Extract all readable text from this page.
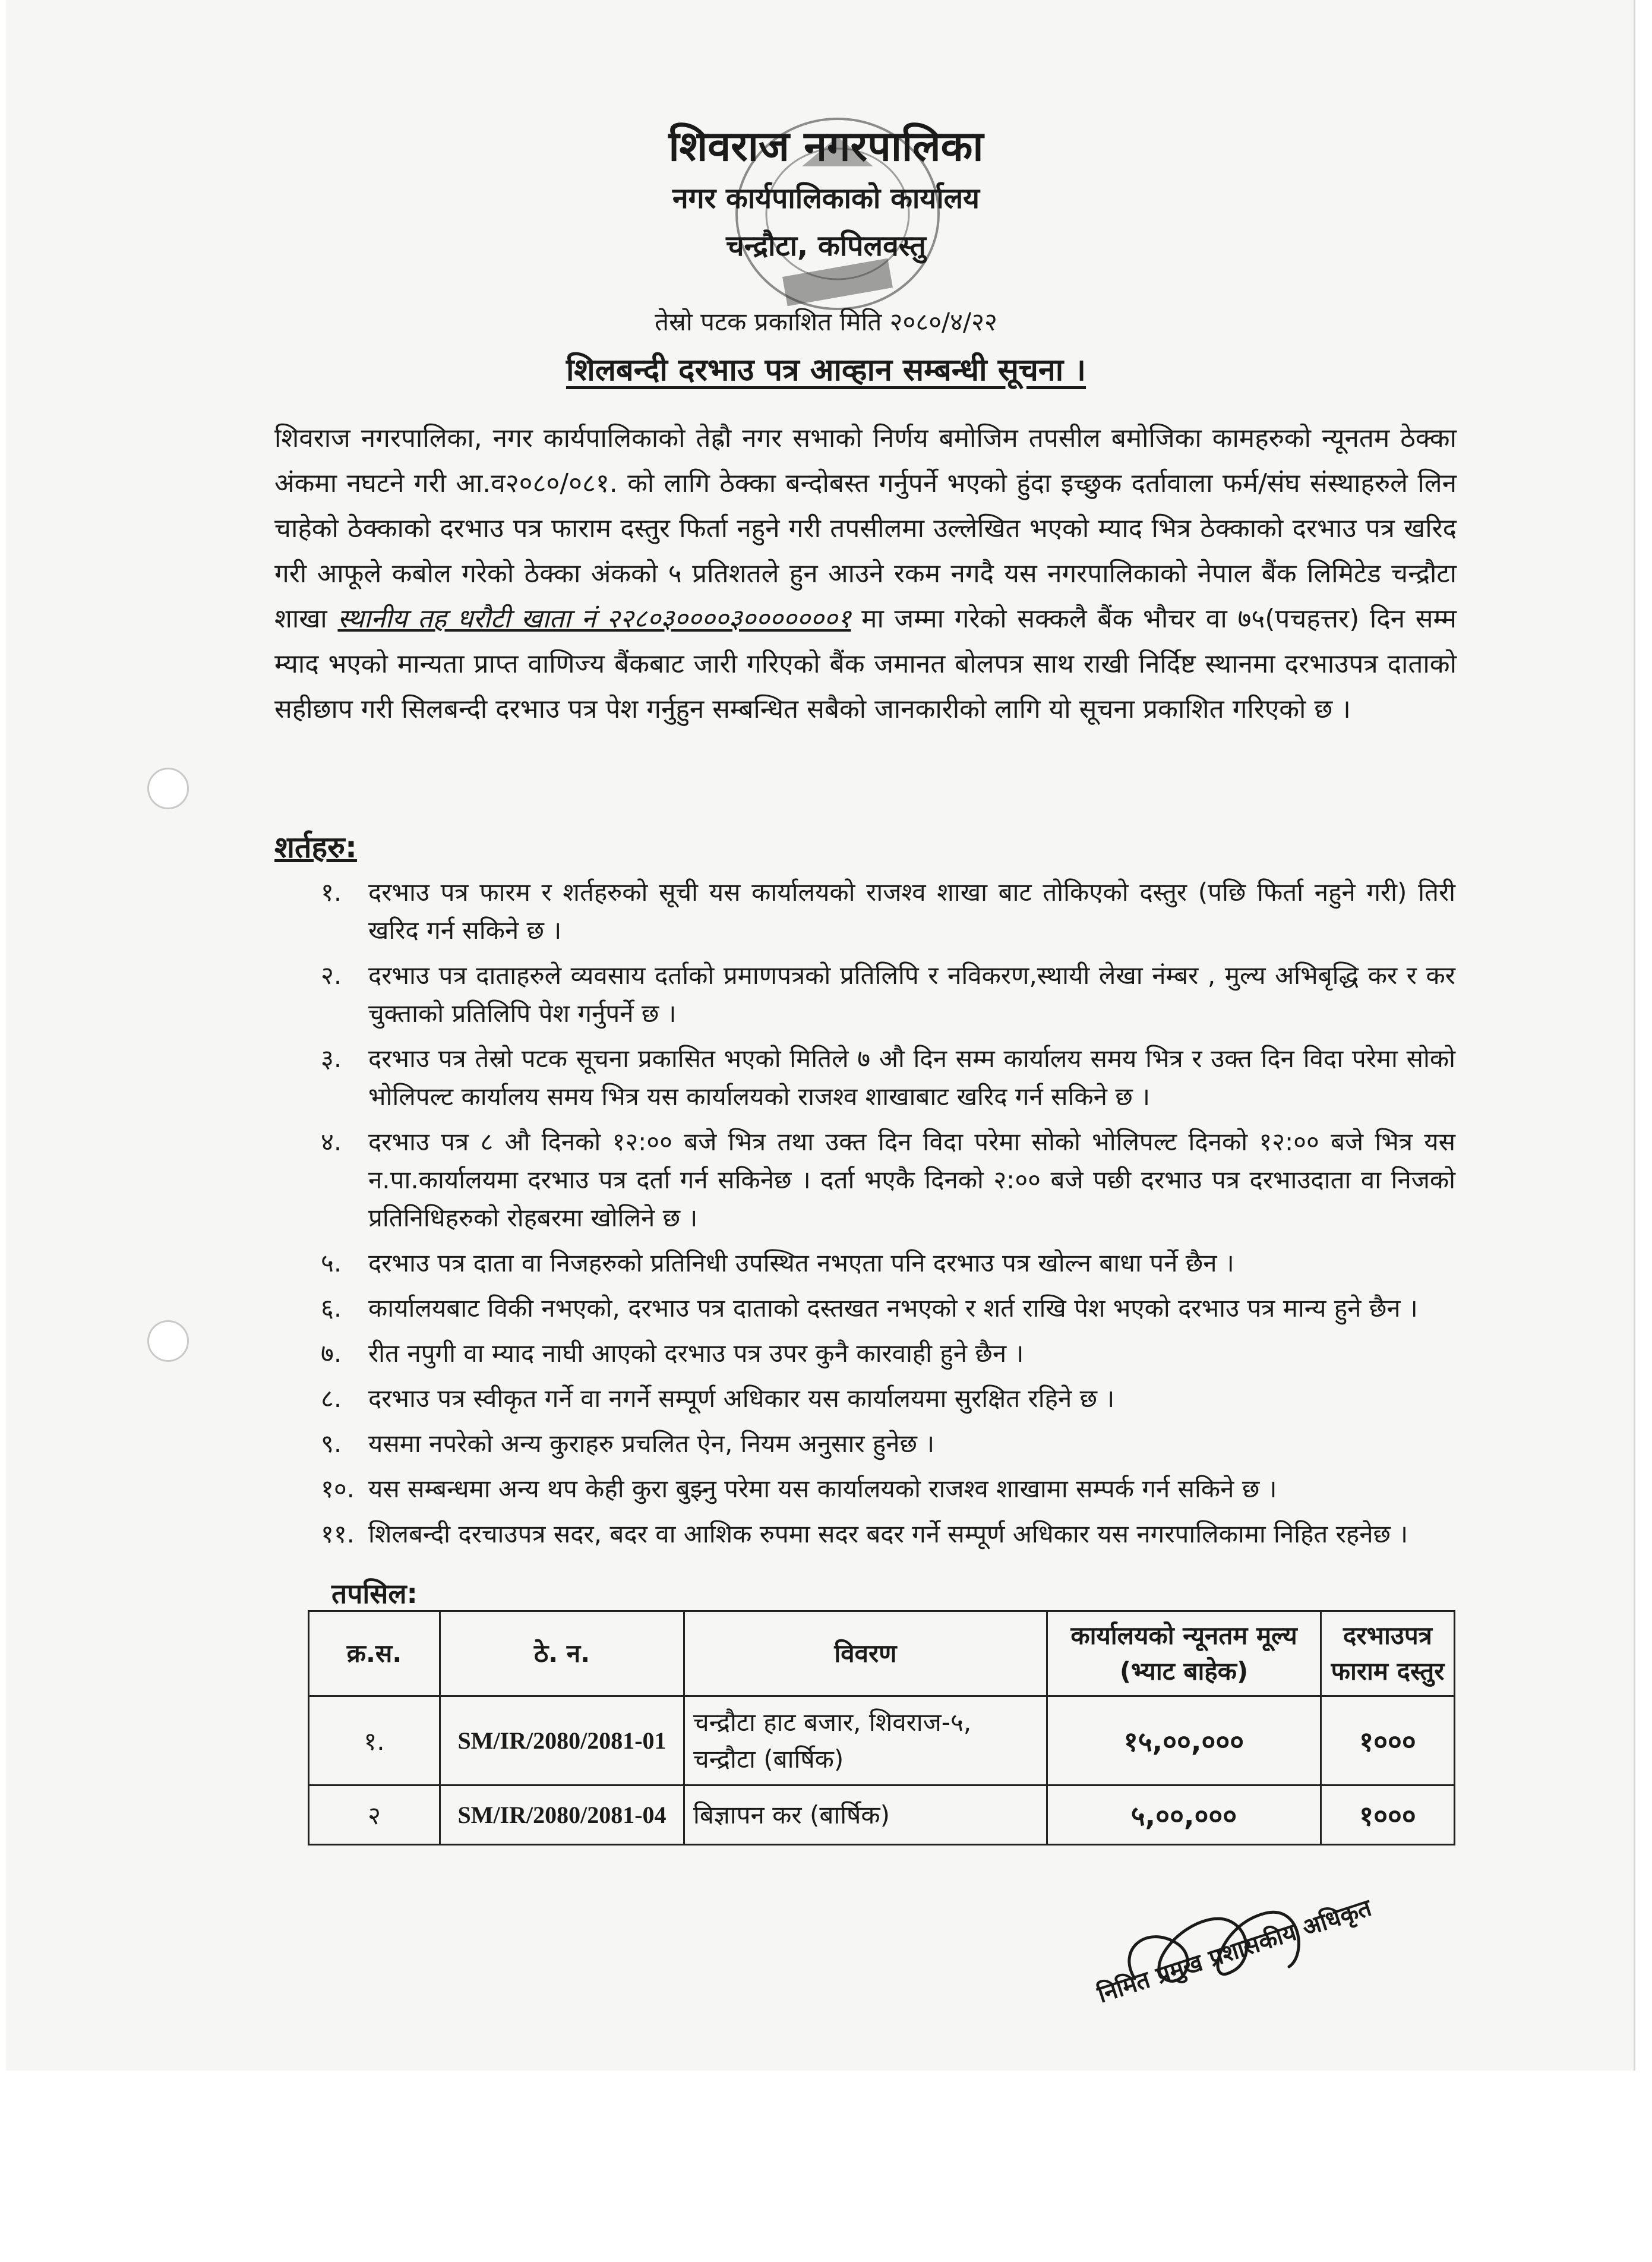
शिवराज नगरपालिका
नगर कार्यपालिकाको कार्यालय
चन्द्रौटा, कपिलवस्तु
तेस्रो पटक प्रकाशित मिति २०८०/४/२२
शिलबन्दी दरभाउ पत्र आव्हान सम्बन्धी सूचना ।
शिवराज नगरपालिका, नगर कार्यपालिकाको तेह्रौ नगर सभाको निर्णय बमोजिम तपसील बमोजिका कामहरुको न्यूनतम ठेक्का अंकमा नघटने गरी आ.व२०८०/०८१. को लागि ठेक्का बन्दोबस्त गर्नुपर्ने भएको हुंदा इच्छुक दर्तावाला फर्म/संघ संस्थाहरुले लिन चाहेको ठेक्काको दरभाउ पत्र फाराम दस्तुर फिर्ता नहुने गरी तपसीलमा उल्लेखित भएको म्याद भित्र ठेक्काको दरभाउ पत्र खरिद गरी आफूले कबोल गरेको ठेक्का अंकको ५ प्रतिशतले हुन आउने रकम नगदै यस नगरपालिकाको नेपाल बैंक लिमिटेड चन्द्रौटा शाखा स्थानीय तह धरौटी खाता नं २२८०३००००३०००००००१ मा जम्मा गरेको सक्कलै बैंक भौचर वा ७५(पचहत्तर) दिन सम्म म्याद भएको मान्यता प्राप्त वाणिज्य बैंकबाट जारी गरिएको बैंक जमानत बोलपत्र साथ राखी निर्दिष्ट स्थानमा दरभाउपत्र दाताको सहीछाप गरी सिलबन्दी दरभाउ पत्र पेश गर्नुहुन सम्बन्धित सबैको जानकारीको लागि यो सूचना प्रकाशित गरिएको छ ।
शर्तहरु:
१.	दरभाउ पत्र फारम र शर्तहरुको सूची यस कार्यालयको राजश्व शाखा बाट तोकिएको दस्तुर (पछि फिर्ता नहुने गरी) तिरी खरिद गर्न सकिने छ ।
२.	दरभाउ पत्र दाताहरुले व्यवसाय दर्ताको प्रमाणपत्रको प्रतिलिपि र नविकरण,स्थायी लेखा नंम्बर , मुल्य अभिबृद्धि कर र कर चुक्ताको प्रतिलिपि पेश गर्नुपर्ने छ ।
३.	दरभाउ पत्र तेस्रो पटक सूचना प्रकासित भएको मितिले ७ औ दिन सम्म कार्यालय समय भित्र र उक्त दिन विदा परेमा सोको भोलिपल्ट कार्यालय समय भित्र यस कार्यालयको राजश्व शाखाबाट खरिद गर्न सकिने छ ।
४.	दरभाउ पत्र ८ औ दिनको १२:०० बजे भित्र तथा उक्त दिन विदा परेमा सोको भोलिपल्ट दिनको १२:०० बजे भित्र यस न.पा.कार्यालयमा दरभाउ पत्र दर्ता गर्न सकिनेछ । दर्ता भएकै दिनको २:०० बजे पछी दरभाउ पत्र दरभाउदाता वा निजको प्रतिनिधिहरुको रोहबरमा खोलिने छ ।
५.	दरभाउ पत्र दाता वा निजहरुको प्रतिनिधी उपस्थित नभएता पनि दरभाउ पत्र खोल्न बाधा पर्ने छैन ।
६.	कार्यालयबाट विकी नभएको, दरभाउ पत्र दाताको दस्तखत नभएको र शर्त राखि पेश भएको दरभाउ पत्र मान्य हुने छैन ।
७.	रीत नपुगी वा म्याद नाघी आएको दरभाउ पत्र उपर कुनै कारवाही हुने छैन ।
८.	दरभाउ पत्र स्वीकृत गर्ने वा नगर्ने सम्पूर्ण अधिकार यस कार्यालयमा सुरक्षित रहिने छ ।
९.	यसमा नपरेको अन्य कुराहरु प्रचलित ऐन, नियम अनुसार हुनेछ ।
१०. यस सम्बन्धमा अन्य थप केही कुरा बुझ्नु परेमा यस कार्यालयको राजश्व शाखामा सम्पर्क गर्न सकिने छ ।
११. शिलबन्दी दरचाउपत्र सदर, बदर वा आशिक रुपमा सदर बदर गर्ने सम्पूर्ण अधिकार यस नगरपालिकामा निहित रहनेछ ।
तपसिल:
क्र.स.	ठे. न.	विवरण	कार्यालयको न्यूनतम मूल्य (भ्याट बाहेक)	दरभाउपत्र फाराम दस्तुर
१.	SM/IR/2080/2081-01	चन्द्रौटा हाट बजार, शिवराज-५, चन्द्रौटा (बार्षिक)	१५,००,०००	१०००
२	SM/IR/2080/2081-04	बिज्ञापन कर (बार्षिक)	५,००,०००	१०००
निमित प्रमुख प्रशासकीय अधिकृत
